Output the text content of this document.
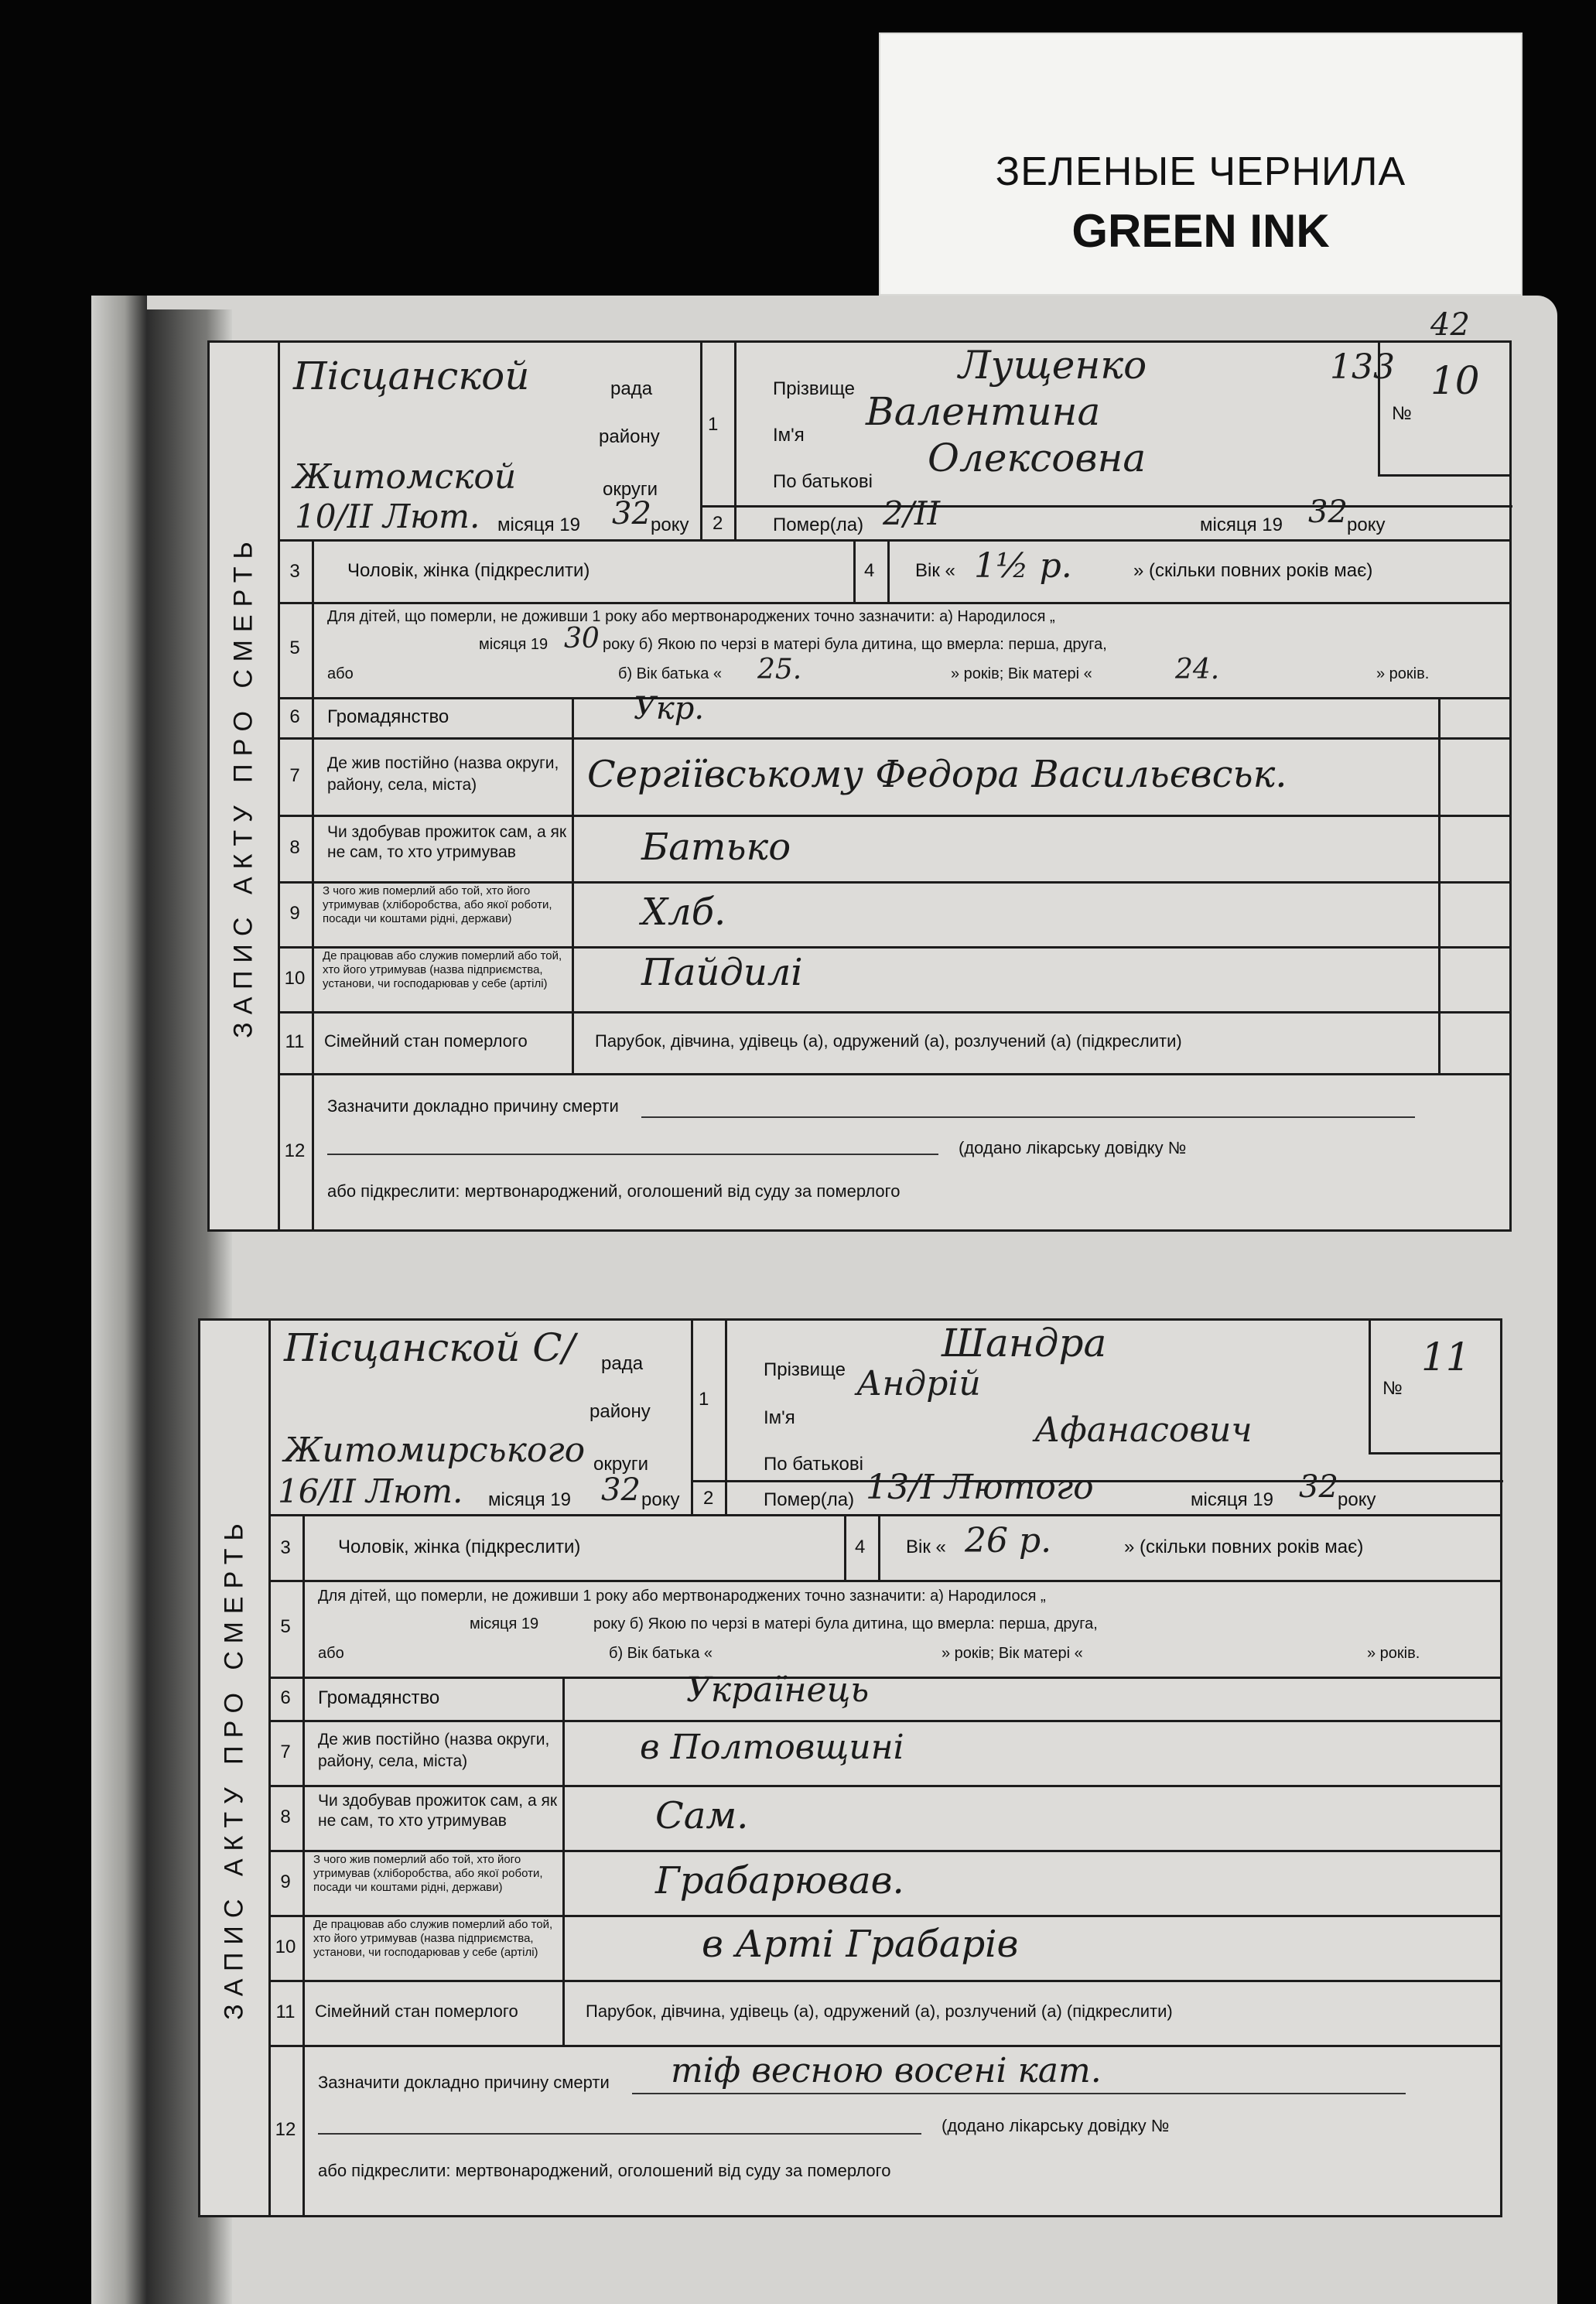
ЗЕЛЕНЫЕ ЧЕРНИЛА
GREEN INK
ЗАПИС АКТУ ПРО СМЕРТЬ
Пісцанской	рада
району
Житомской	округи
1
Прізвище
Лущенко	133
Ім'я
Валентина
По батькові
Олексовна
№
10
42
10/II Лют. місяця 19 32 року 2	Помер(ла) 2/II	місяця 19 32 року
3	Чоловік, жінка (підкреслити)	4 Вік « 1½ р.	» (скільки повних років має)
5
Для дітей, що померли, не доживши 1 року або мертвонароджених точно зазначити: а) Народилося „
місяця 19 30 року б) Якою по черзі в матері була дитина, що вмерла: перша, друга,
або	б) Вік батька « 25.	» років; Вік матері «	24.	» років.
6	Громадянство	Укр.
7
Де жив постійно (назва округи, району, села, міста)	Сергіївському Федора Васильєвськ.
8
Чи здобував прожиток сам, а як не сам, то хто утримував	Батько
9
З чого жив померлий або той, хто його утримував (хліборобства, або якої роботи, посади чи коштами рідні, держави)	Хлб.
10
Де працював або служив померлий або той, хто його утримував (назва підприємства, установи, чи господарював у себе (артілі)	Пайдилі
11	Сімейний стан померлого	Парубок, дівчина, удівець (а), одружений (а), розлучений (а) (підкреслити)
12
Зазначити докладно причину смерти
(додано лікарську довідку №
або підкреслити: мертвонароджений, оголошений від суду за померлого
ЗАПИС АКТУ ПРО СМЕРТЬ
Пісцанской С/ рада
району
Житомирського округи
1
Прізвище
Шандра
Ім'я
Андрій
По батькові
Афанасович
№
11
16/II Лют. місяця 19 32 року 2	Помер(ла) 13/I Лютого	місяця 19 32 року
3	Чоловік, жінка (підкреслити)	4 Вік « 26 р.	» (скільки повних років має)
5
Для дітей, що померли, не доживши 1 року або мертвонароджених точно зазначити: а) Народилося „
місяця 19	року б) Якою по черзі в матері була дитина, що вмерла: перша, друга,
або	б) Вік батька «	» років; Вік матері «	» років.
6	Громадянство	Українець
7
Де жив постійно (назва округи, району, села, міста)	в Полтовщині
8
Чи здобував прожиток сам, а як не сам, то хто утримував	Сам.
9
З чого жив померлий або той, хто його утримував (хліборобства, або якої роботи, посади чи коштами рідні, держави)	Грабарював.
10
Де працював або служив померлий або той, хто його утримував (назва підприємства, установи, чи господарював у себе (артілі)	в Арті Грабарів
11	Сімейний стан померлого	Парубок, дівчина, удівець (а), одружений (а), розлучений (а) (підкреслити)
12
Зазначити докладно причину смерти тіф весною восені кат.
(додано лікарську довідку №
або підкреслити: мертвонароджений, оголошений від суду за померлого
